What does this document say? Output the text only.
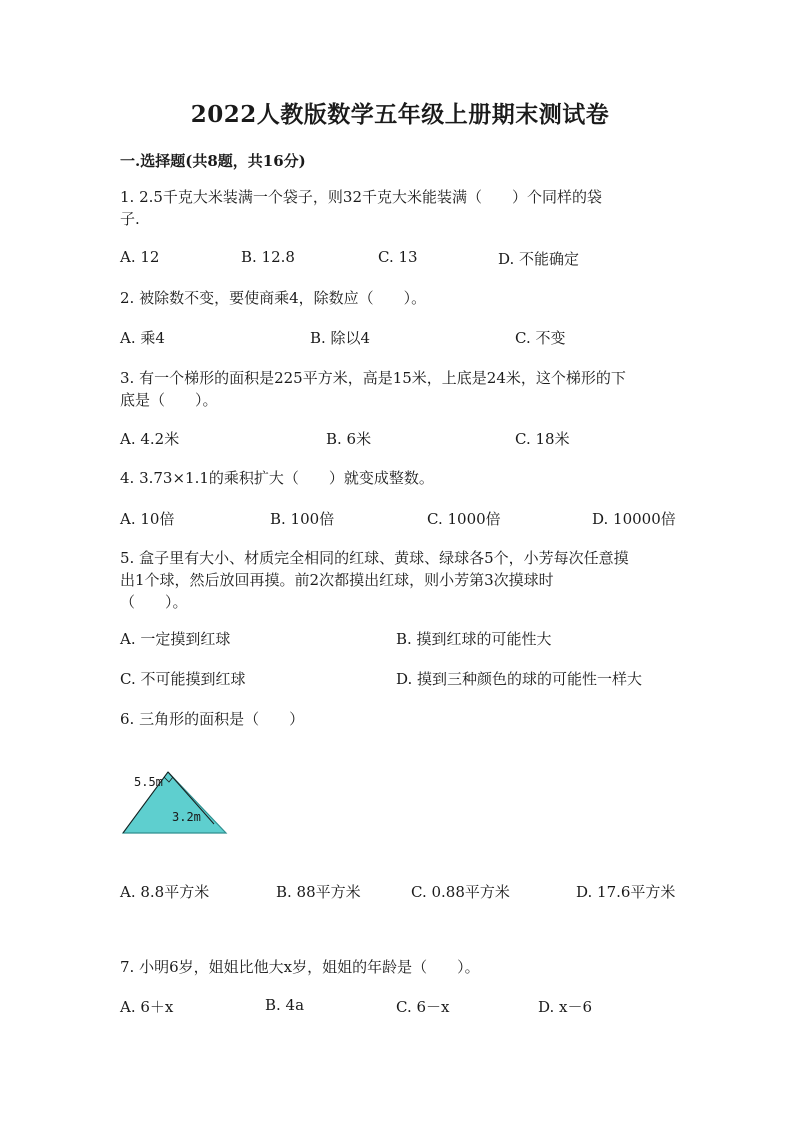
2022人教版数学五年级上册期末测试卷
一.选择题(共8题，共16分)
1. 2.5千克大米装满一个袋子，则32千克大米能装满（　　）个同样的袋
子.
A. 12	B. 12.8	C. 13	D. 不能确定
2. 被除数不变，要使商乘4，除数应（　　）。
A. 乘4	B. 除以4	C. 不变
3. 有一个梯形的面积是225平方米，高是15米，上底是24米，这个梯形的下
底是（　　）。
A. 4.2米	B. 6米	C. 18米
4. 3.73×1.1的乘积扩大（　　）就变成整数。
A. 10倍	B. 100倍	C. 1000倍	D. 10000倍
5. 盒子里有大小、材质完全相同的红球、黄球、绿球各5个，小芳每次任意摸
出1个球，然后放回再摸。前2次都摸出红球，则小芳第3次摸球时
（　　）。
A. 一定摸到红球	B. 摸到红球的可能性大
C. 不可能摸到红球	D. 摸到三种颜色的球的可能性一样大
6. 三角形的面积是（　　）
5.5m
3.2m
A. 8.8平方米	B. 88平方米	C. 0.88平方米	D. 17.6平方米
7. 小明6岁，姐姐比他大x岁，姐姐的年龄是（　　）。
A. 6＋x	B. 4a	C. 6－x	D. x－6
